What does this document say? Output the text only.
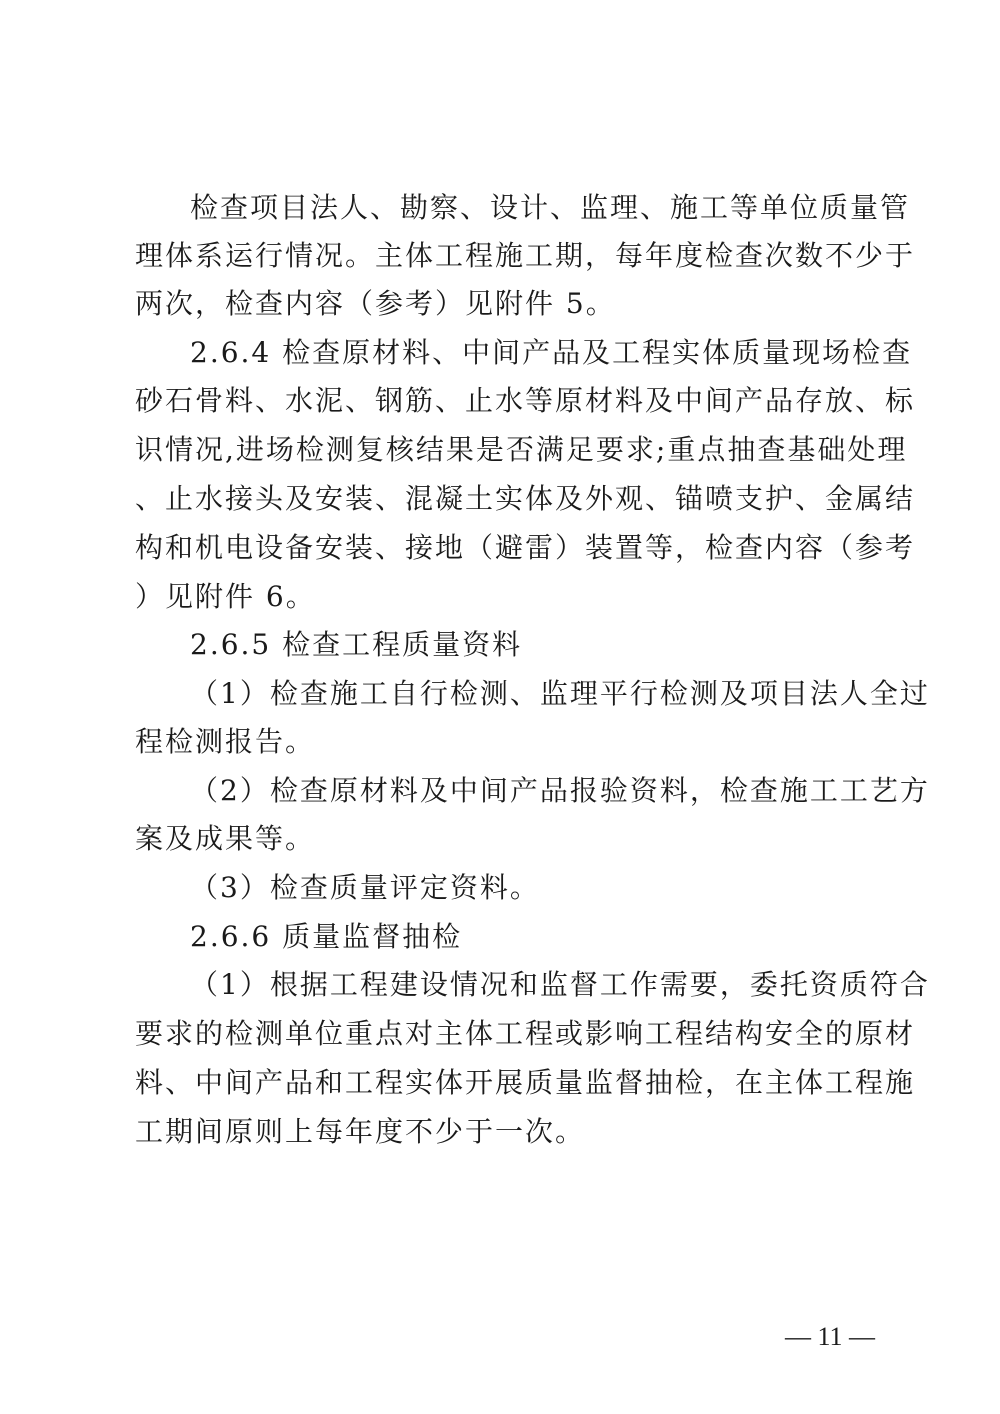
检查项目法人、勘察、设计、监理、施工等单位质量管
理体系运行情况。主体工程施工期，每年度检查次数不少于
两次，检查内容（参考）见附件 5。
2.6.4 检查原材料、中间产品及工程实体质量现场检查
砂石骨料、水泥、钢筋、止水等原材料及中间产品存放、标
识情况,进场检测复核结果是否满足要求;重点抽查基础处理
、止水接头及安装、混凝土实体及外观、锚喷支护、金属结
构和机电设备安装、接地（避雷）装置等，检查内容（参考
）见附件 6。
2.6.5 检查工程质量资料
（1）检查施工自行检测、监理平行检测及项目法人全过
程检测报告。
（2）检查原材料及中间产品报验资料，检查施工工艺方
案及成果等。
（3）检查质量评定资料。
2.6.6 质量监督抽检
（1）根据工程建设情况和监督工作需要，委托资质符合
要求的检测单位重点对主体工程或影响工程结构安全的原材
料、中间产品和工程实体开展质量监督抽检，在主体工程施
工期间原则上每年度不少于一次。
— 11 —
